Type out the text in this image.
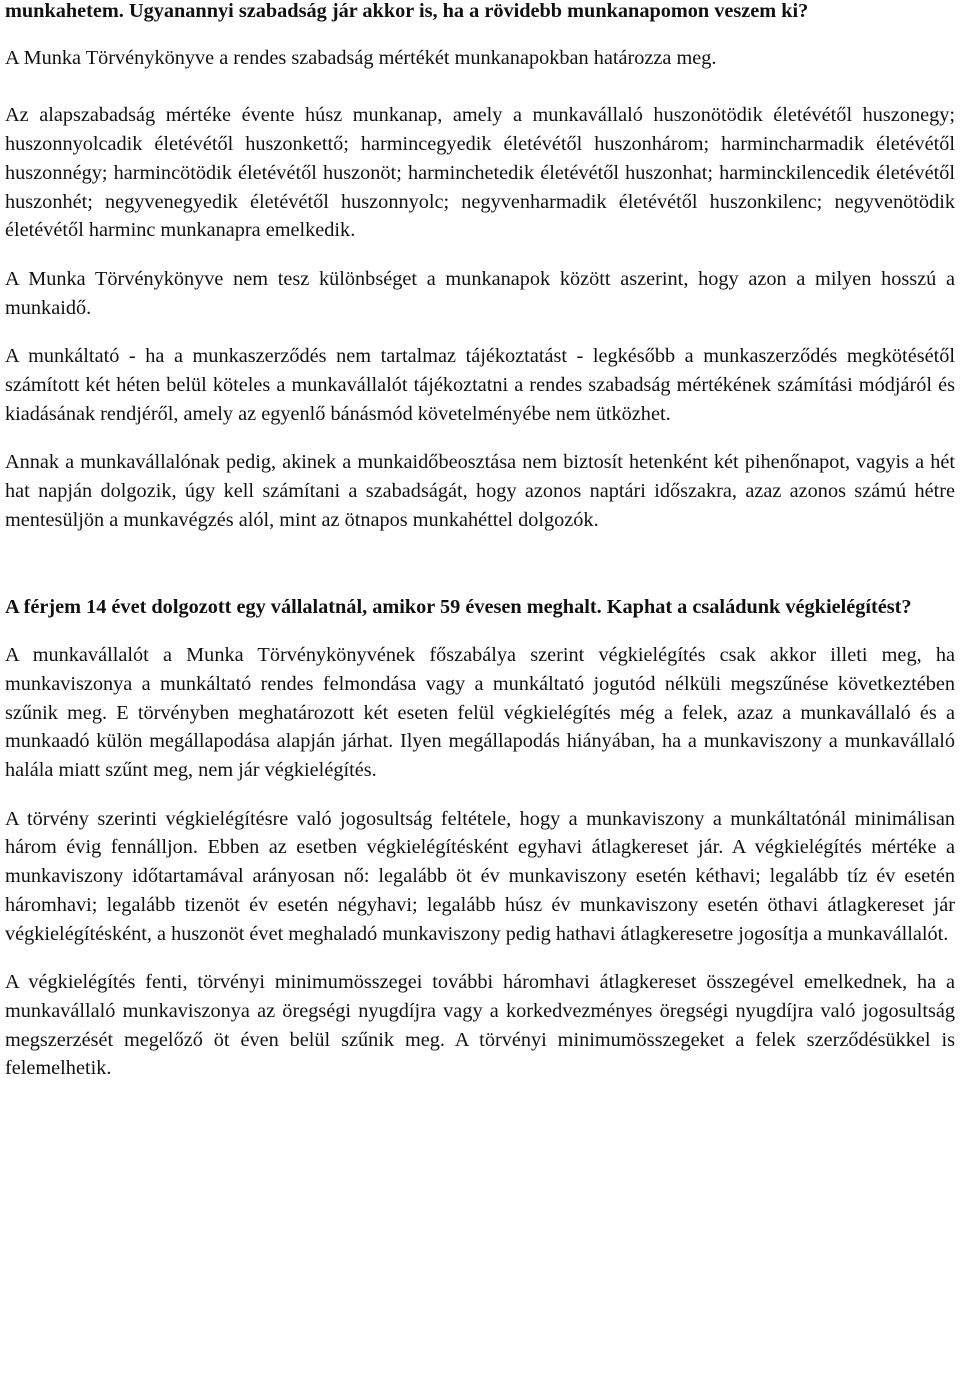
munkahetem. Ugyanannyi szabadság jár akkor is, ha a rövidebb munkanapomon veszem ki?

A Munka Törvénykönyve a rendes szabadság mértékét munkanapokban határozza meg.

Az alapszabadság mértéke évente húsz munkanap, amely a munkavállaló huszonötödik életévétől huszonegy; huszonnyolcadik életévétől huszonkettő; harmincegyedik életévétől huszonhárom; harmincharmadik életévétől huszonnégy; harmincötödik életévétől huszonöt; harminchetedik életévétől huszonhat; harminckilencedik életévétől huszonhét; negyvenegyedik életévétől huszonnyolc; negyvenharmadik életévétől huszonkilenc; negyvenötödik életévétől harminc munkanapra emelkedik.

A Munka Törvénykönyve nem tesz különbséget a munkanapok között aszerint, hogy azon a milyen hosszú a munkaidő.

A munkáltató - ha a munkaszerződés nem tartalmaz tájékoztatást - legkésőbb a munkaszerződés megkötésétől számított két héten belül köteles a munkavállalót tájékoztatni a rendes szabadság mértékének számítási módjáról és kiadásának rendjéről, amely az egyenlő bánásmód követelményébe nem ütközhet.

Annak a munkavállalónak pedig, akinek a munkaidőbeosztása nem biztosít hetenként két pihenőnapot, vagyis a hét hat napján dolgozik, úgy kell számítani a szabadságát, hogy azonos naptári időszakra, azaz azonos számú hétre mentesüljön a munkavégzés alól, mint az ötnapos munkahéttel dolgozók.

A férjem 14 évet dolgozott egy vállalatnál, amikor 59 évesen meghalt. Kaphat a családunk végkielégítést?

A munkavállalót a Munka Törvénykönyvének főszabálya szerint végkielégítés csak akkor illeti meg, ha munkaviszonya a munkáltató rendes felmondása vagy a munkáltató jogutód nélküli megszűnése következtében szűnik meg. E törvényben meghatározott két eseten felül végkielégítés még a felek, azaz a munkavállaló és a munkaadó külön megállapodása alapján járhat. Ilyen megállapodás hiányában, ha a munkaviszony a munkavállaló halála miatt szűnt meg, nem jár végkielégítés.

A törvény szerinti végkielégítésre való jogosultság feltétele, hogy a munkaviszony a munkáltatónál minimálisan három évig fennálljon. Ebben az esetben végkielégítésként egyhavi átlagkereset jár. A végkielégítés mértéke a munkaviszony időtartamával arányosan nő: legalább öt év munkaviszony esetén kéthavi; legalább tíz év esetén háromhavi; legalább tizenöt év esetén négyhavi; legalább húsz év munkaviszony esetén öthavi átlagkereset jár végkielégítésként, a huszonöt évet meghaladó munkaviszony pedig hathavi átlagkeresetre jogosítja a munkavállalót.

A végkielégítés fenti, törvényi minimumösszegei további háromhavi átlagkereset összegével emelkednek, ha a munkavállaló munkaviszonya az öregségi nyugdíjra vagy a korkedvezményes öregségi nyugdíjra való jogosultság megszerzését megelőző öt éven belül szűnik meg. A törvényi minimumösszegeket a felek szerződésükkel is felemelhetik.
